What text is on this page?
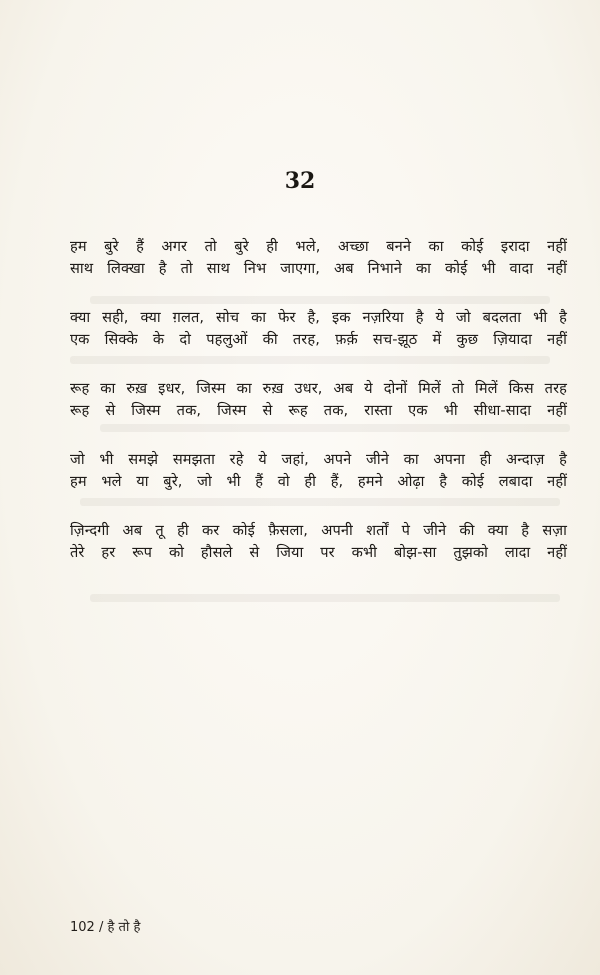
32
हम बुरे हैं अगर तो बुरे ही भले, अच्छा बनने का कोई इरादा नहीं
साथ लिक्खा है तो साथ निभ जाएगा, अब निभाने का कोई भी वादा नहीं
क्या सही, क्या ग़लत, सोच का फेर है, इक नज़रिया है ये जो बदलता भी है
एक सिक्के के दो पहलुओं की तरह, फ़र्क़ सच-झूठ में कुछ ज़ियादा नहीं
रूह का रुख़ इधर, जिस्म का रुख़ उधर, अब ये दोनों मिलें तो मिलें किस तरह
रूह से जिस्म तक, जिस्म से रूह तक, रास्ता एक भी सीधा-सादा नहीं
जो भी समझे समझता रहे ये जहां, अपने जीने का अपना ही अन्दाज़ है
हम भले या बुरे, जो भी हैं वो ही हैं, हमने ओढ़ा है कोई लबादा नहीं
ज़िन्दगी अब तू ही कर कोई फ़ैसला, अपनी शर्तों पे जीने की क्या है सज़ा
तेरे हर रूप को हौसले से जिया पर कभी बोझ-सा तुझको लादा नहीं
102 / है तो है
